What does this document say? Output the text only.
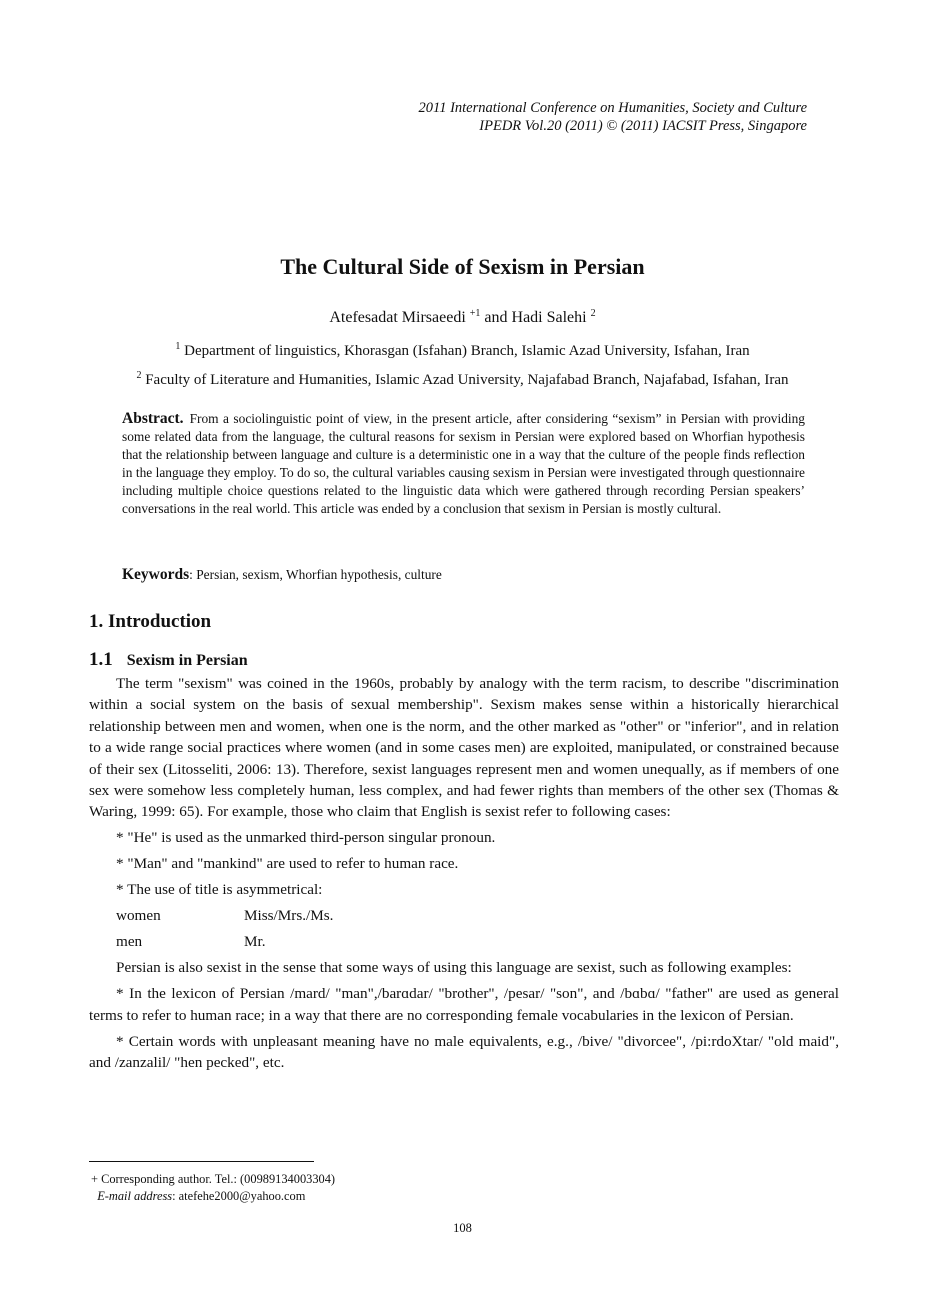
2011 International Conference on Humanities, Society and Culture
IPEDR Vol.20 (2011) © (2011) IACSIT Press, Singapore
The Cultural Side of Sexism in Persian
Atefesadat Mirsaeedi $^{+1}$ and Hadi Salehi $^2$
$^1$ Department of linguistics, Khorasgan (Isfahan) Branch, Islamic Azad University, Isfahan, Iran
$^2$ Faculty of Literature and Humanities, Islamic Azad University, Najafabad Branch, Najafabad, Isfahan, Iran
Abstract. From a sociolinguistic point of view, in the present article, after considering “sexism” in Persian with providing some related data from the language, the cultural reasons for sexism in Persian were explored based on Whorfian hypothesis that the relationship between language and culture is a deterministic one in a way that the culture of the people finds reflection in the language they employ. To do so, the cultural variables causing sexism in Persian were investigated through questionnaire including multiple choice questions related to the linguistic data which were gathered through recording Persian speakers’ conversations in the real world. This article was ended by a conclusion that sexism in Persian is mostly cultural.
Keywords: Persian, sexism, Whorfian hypothesis, culture
1. Introduction
1.1 Sexism in Persian

The term "sexism" was coined in the 1960s, probably by analogy with the term racism, to describe "discrimination within a social system on the basis of sexual membership". Sexism makes sense within a historically hierarchical relationship between men and women, when one is the norm, and the other marked as "other" or "inferior", and in relation to a wide range social practices where women (and in some cases men) are exploited, manipulated, or constrained because of their sex (Litosseliti, 2006: 13). Therefore, sexist languages represent men and women unequally, as if members of one sex were somehow less completely human, less complex, and had fewer rights than members of the other sex (Thomas & Waring, 1999: 65). For example, those who claim that English is sexist refer to following cases:

* "He" is used as the unmarked third-person singular pronoun.
* "Man" and "mankind" are used to refer to human race.
* The use of title is asymmetrical:
women	Miss/Mrs./Ms.
men	Mr.

Persian is also sexist in the sense that some ways of using this language are sexist, such as following examples:

* In the lexicon of Persian /mard/ "man",/barɑdar/ "brother", /pesar/ "son", and /bɑbɑ/ "father" are used as general terms to refer to human race; in a way that there are no corresponding female vocabularies in the lexicon of Persian.

* Certain words with unpleasant meaning have no male equivalents, e.g., /bive/ "divorcee", /pi:rdoXtar/ "old maid", and /zanzalil/ "hen pecked", etc.

+ Corresponding author. Tel.: (00989134003304)
E-mail address: atefehe2000@yahoo.com
108
